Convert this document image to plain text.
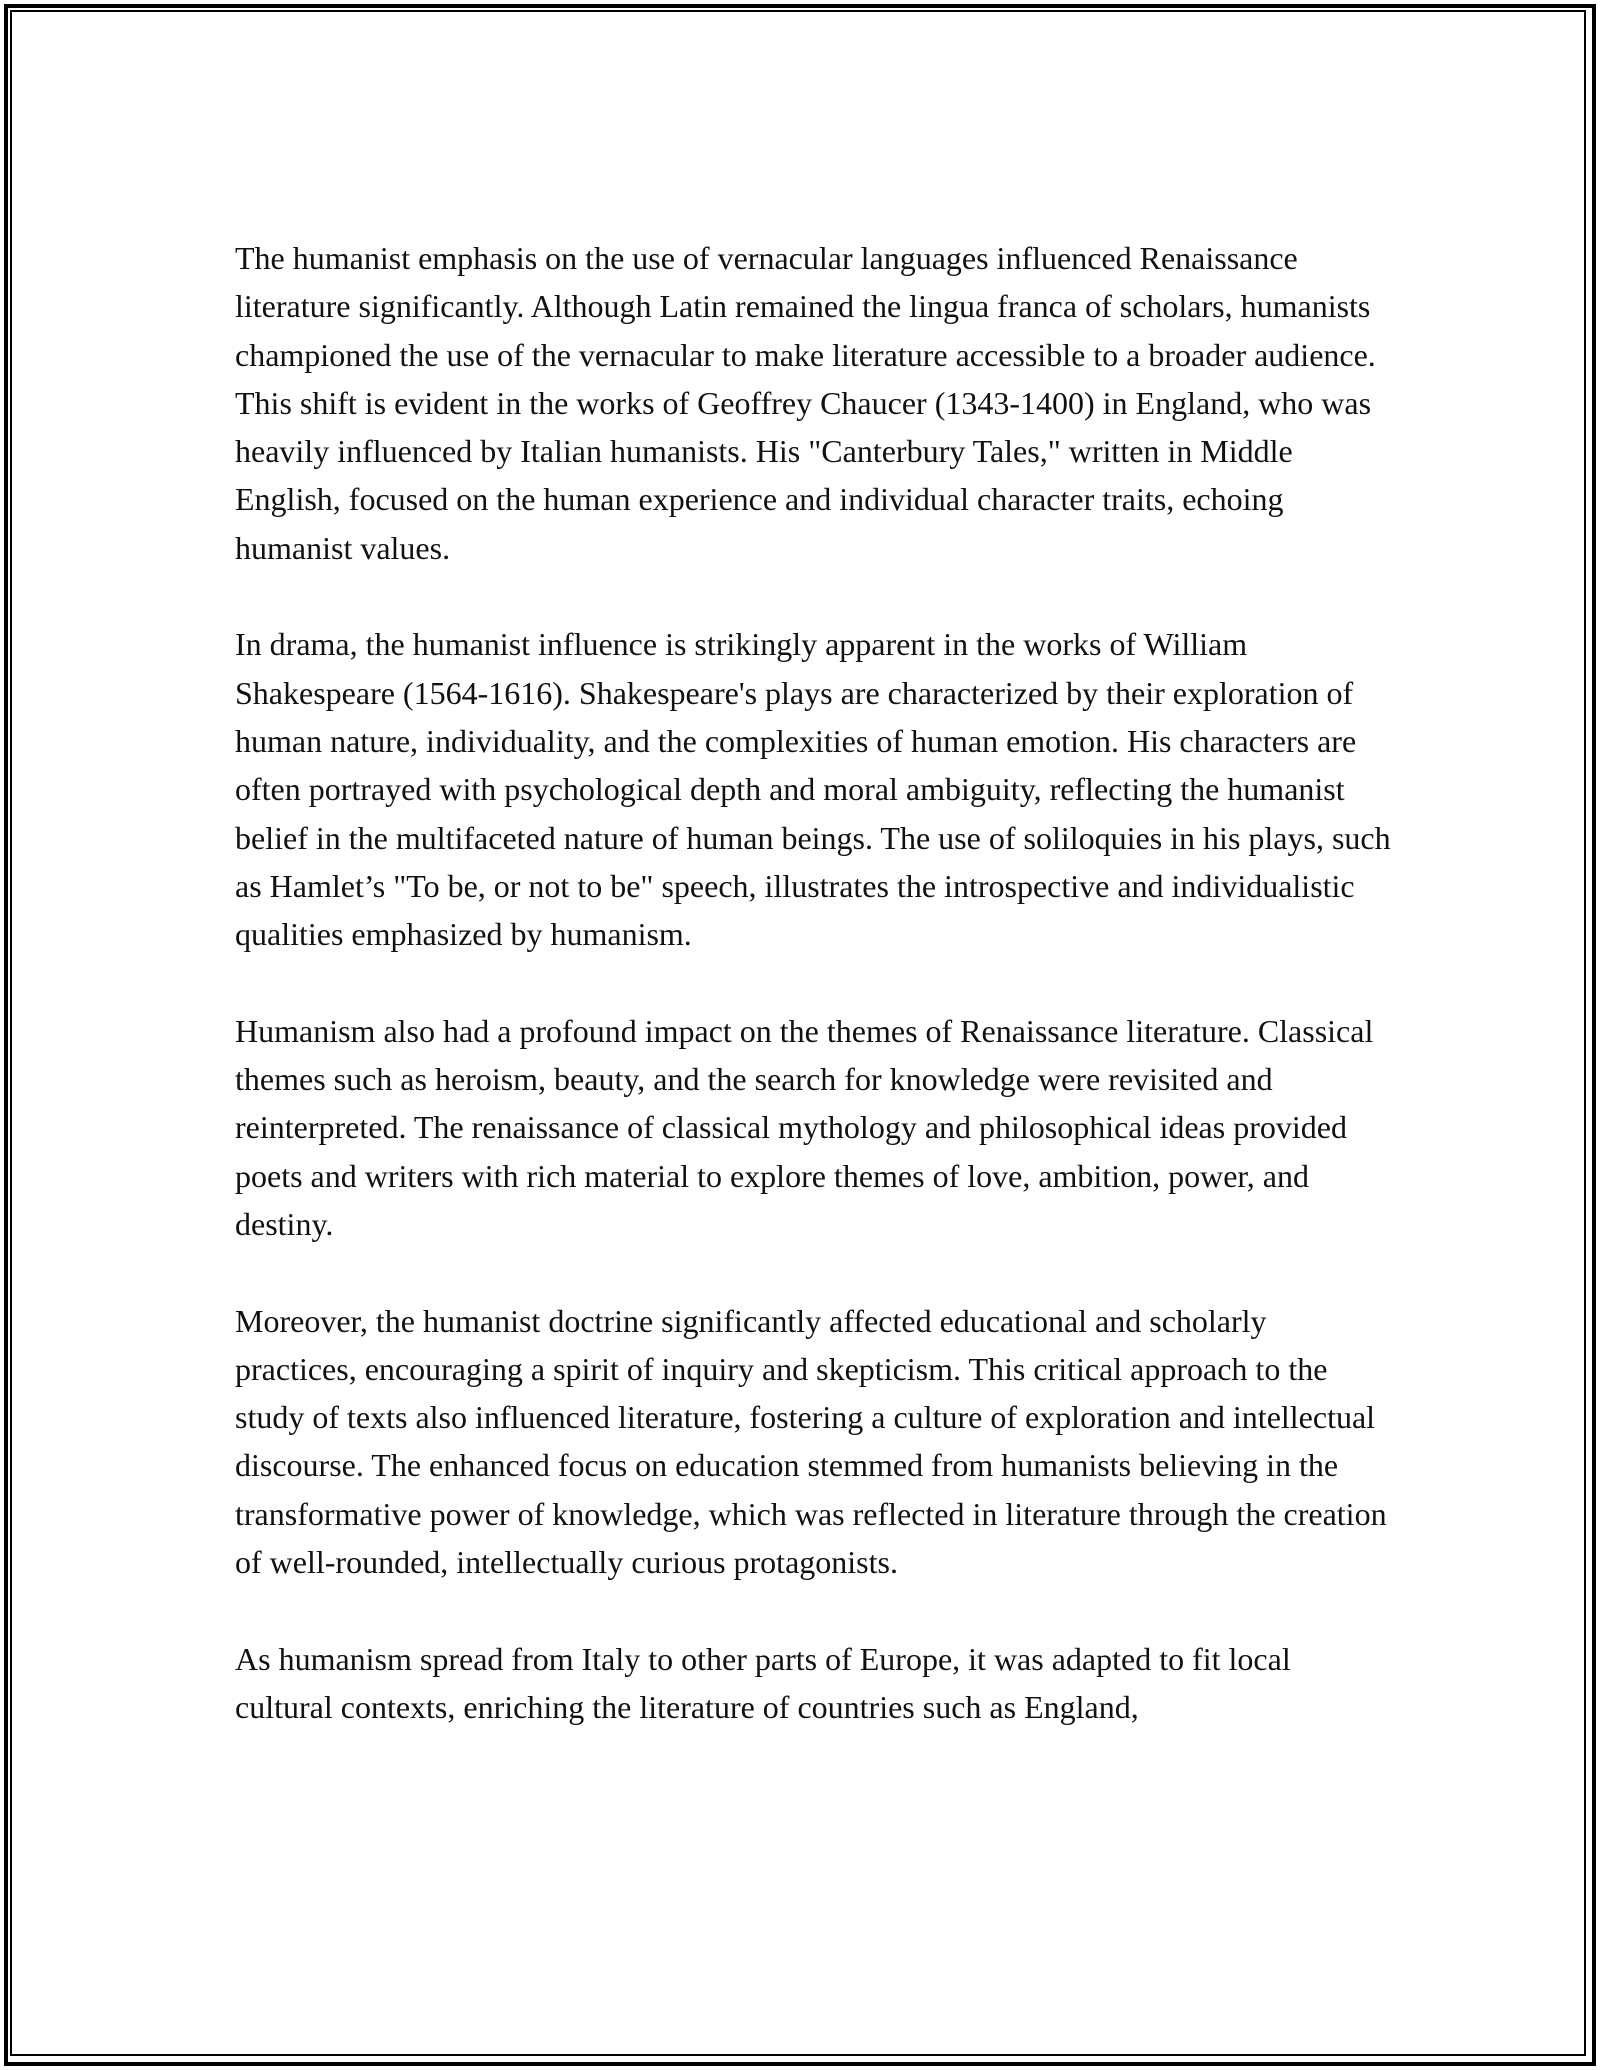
The humanist emphasis on the use of vernacular languages influenced Renaissance literature significantly. Although Latin remained the lingua franca of scholars, humanists championed the use of the vernacular to make literature accessible to a broader audience. This shift is evident in the works of Geoffrey Chaucer (1343-1400) in England, who was heavily influenced by Italian humanists. His "Canterbury Tales," written in Middle English, focused on the human experience and individual character traits, echoing humanist values.

In drama, the humanist influence is strikingly apparent in the works of William Shakespeare (1564-1616). Shakespeare's plays are characterized by their exploration of human nature, individuality, and the complexities of human emotion. His characters are often portrayed with psychological depth and moral ambiguity, reflecting the humanist belief in the multifaceted nature of human beings. The use of soliloquies in his plays, such as Hamlet’s "To be, or not to be" speech, illustrates the introspective and individualistic qualities emphasized by humanism.

Humanism also had a profound impact on the themes of Renaissance literature. Classical themes such as heroism, beauty, and the search for knowledge were revisited and reinterpreted. The renaissance of classical mythology and philosophical ideas provided poets and writers with rich material to explore themes of love, ambition, power, and destiny.

Moreover, the humanist doctrine significantly affected educational and scholarly practices, encouraging a spirit of inquiry and skepticism. This critical approach to the study of texts also influenced literature, fostering a culture of exploration and intellectual discourse. The enhanced focus on education stemmed from humanists believing in the transformative power of knowledge, which was reflected in literature through the creation of well-rounded, intellectually curious protagonists.

As humanism spread from Italy to other parts of Europe, it was adapted to fit local cultural contexts, enriching the literature of countries such as England,
